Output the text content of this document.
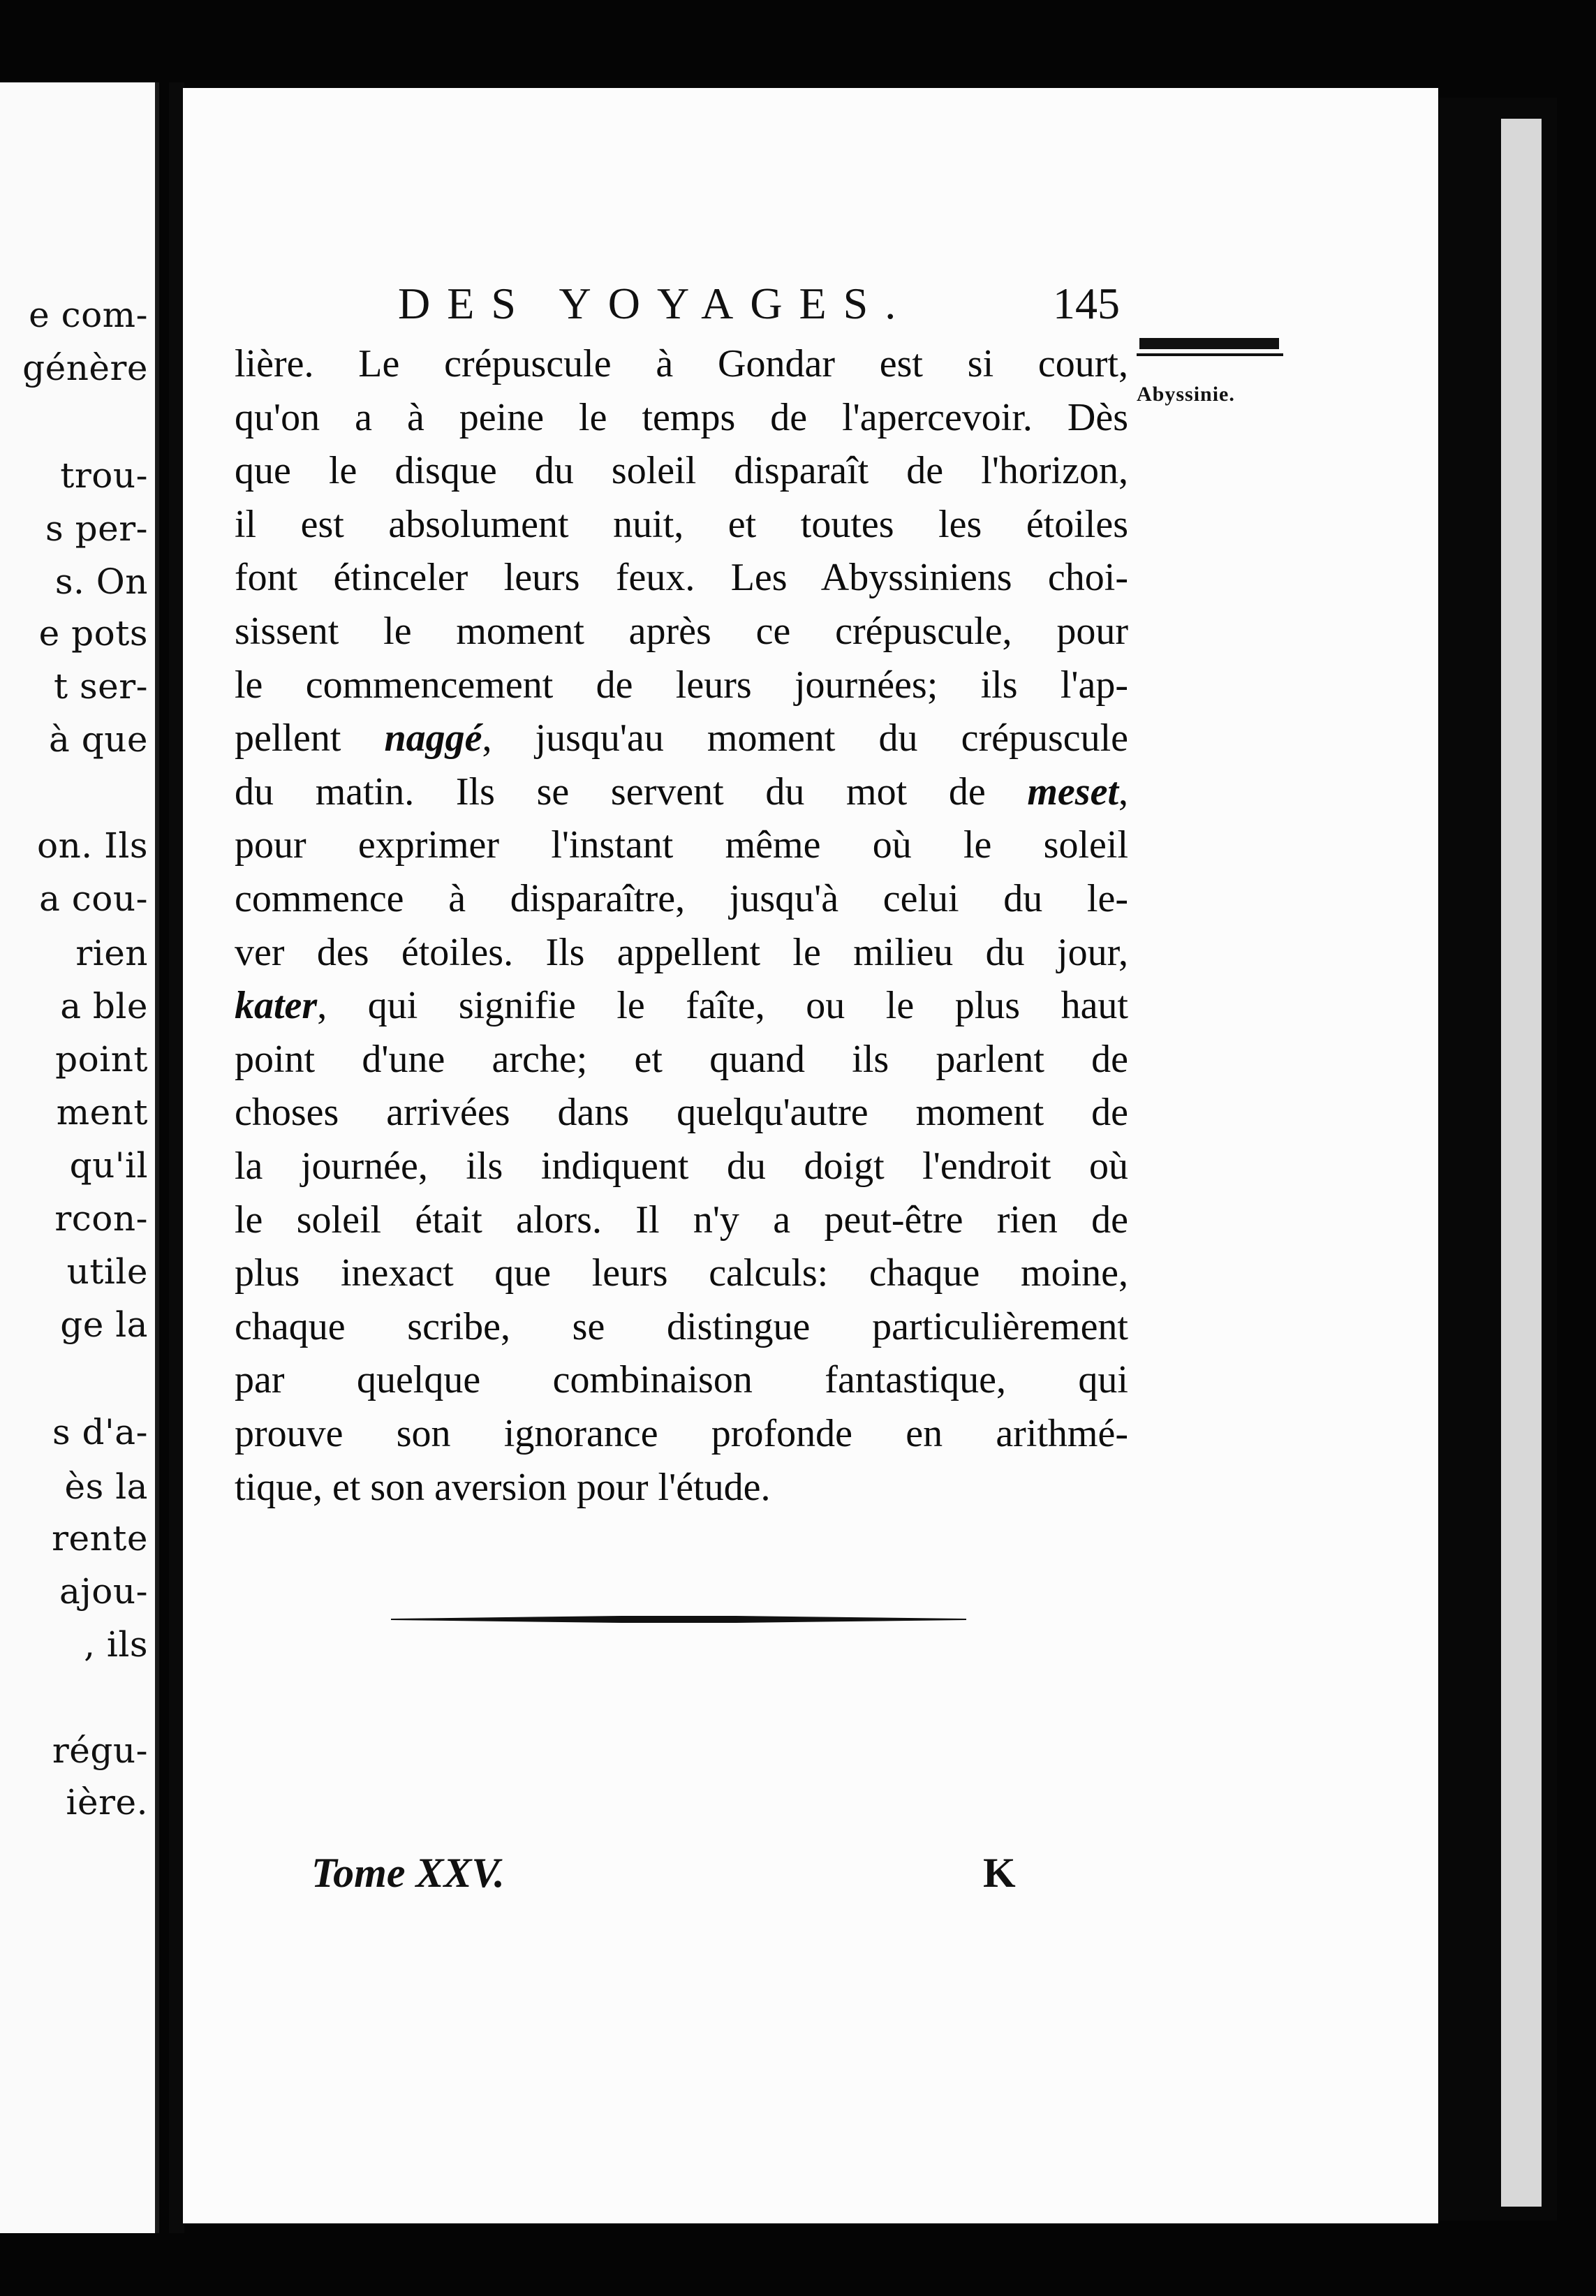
e com-
génère
trou-
s per-
s. On
e pots
t ser-
à que
on. Ils
a cou-
rien
a ble
point
ment
qu'il
rcon-
utile
ge la
s d'a-
ès la
rente
ajou-
, ils
régu-
ière.
DES YOYAGES.	145
Abyssinie.
lière. Le crépuscule à Gondar est si court,
qu'on a à peine le temps de l'apercevoir. Dès
que le disque du soleil disparaît de l'horizon,
il est absolument nuit, et toutes les étoiles
font étinceler leurs feux. Les Abyssiniens choi-
sissent le moment après ce crépuscule, pour
le commencement de leurs journées; ils l'ap-
pellent naggé, jusqu'au moment du crépuscule
du matin. Ils se servent du mot de meset,
pour exprimer l'instant même où le soleil
commence à disparaître, jusqu'à celui du le-
ver des étoiles. Ils appellent le milieu du jour,
kater, qui signifie le faîte, ou le plus haut
point d'une arche; et quand ils parlent de
choses arrivées dans quelqu'autre moment de
la journée, ils indiquent du doigt l'endroit où
le soleil était alors. Il n'y a peut-être rien de
plus inexact que leurs calculs: chaque moine,
chaque scribe, se distingue particulièrement
par quelque combinaison fantastique, qui
prouve son ignorance profonde en arithmé-
tique, et son aversion pour l'étude.
Tome XXV.	K
